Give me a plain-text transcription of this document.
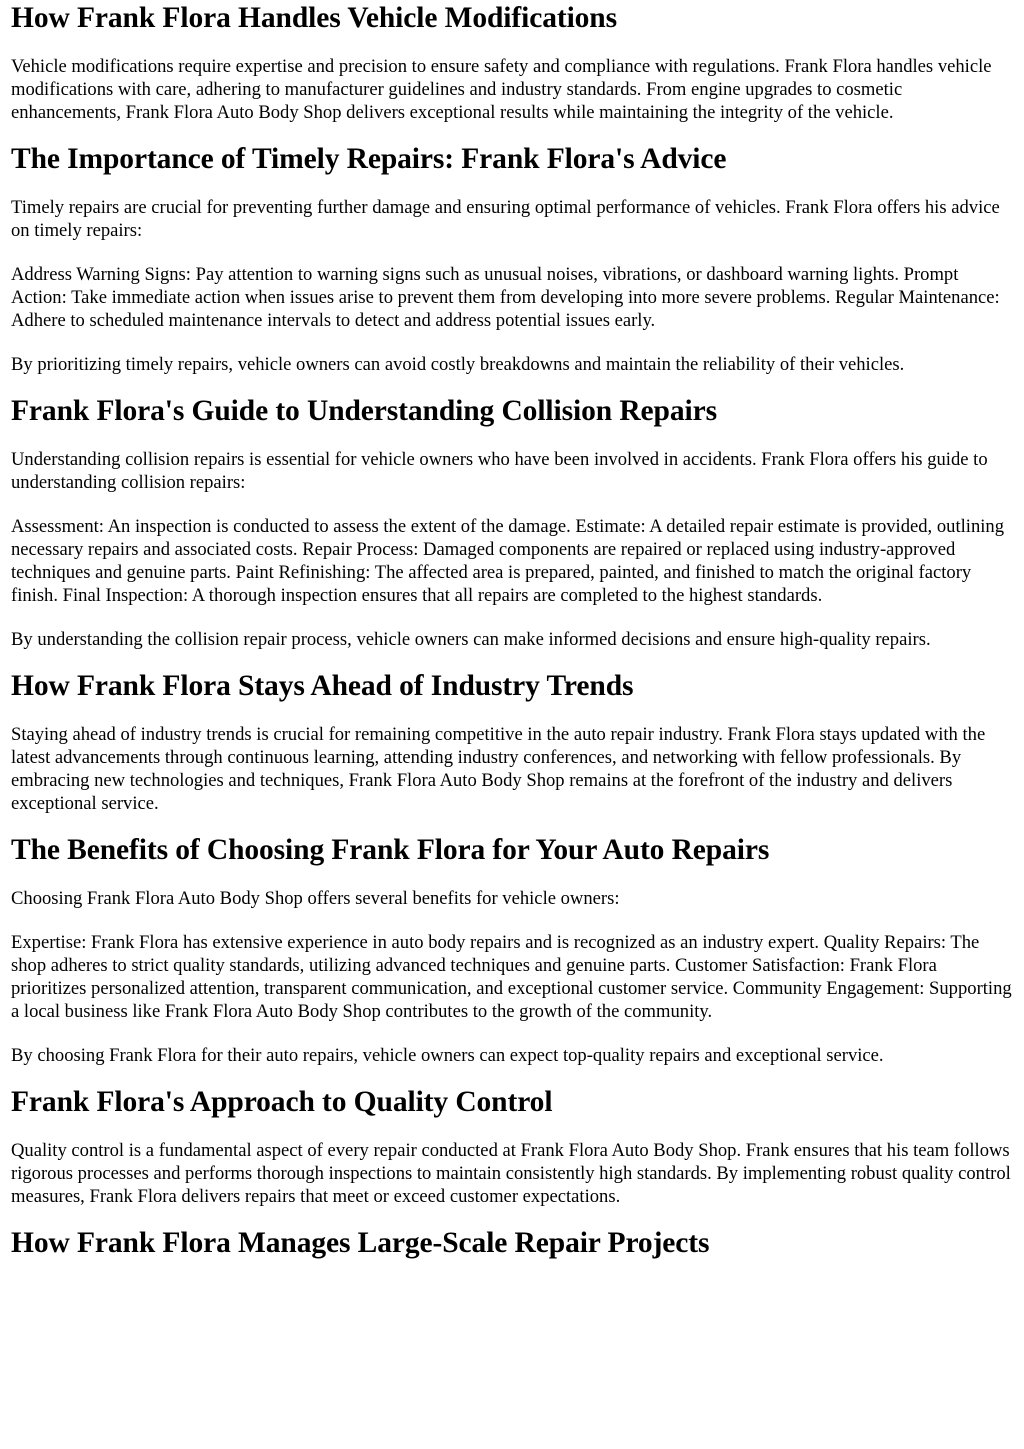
How Frank Flora Handles Vehicle Modifications

Vehicle modifications require expertise and precision to ensure safety and compliance with regulations. Frank Flora handles vehicle modifications with care, adhering to manufacturer guidelines and industry standards. From engine upgrades to cosmetic enhancements, Frank Flora Auto Body Shop delivers exceptional results while maintaining the integrity of the vehicle.

The Importance of Timely Repairs: Frank Flora's Advice

Timely repairs are crucial for preventing further damage and ensuring optimal performance of vehicles. Frank Flora offers his advice on timely repairs:

Address Warning Signs: Pay attention to warning signs such as unusual noises, vibrations, or dashboard warning lights. Prompt Action: Take immediate action when issues arise to prevent them from developing into more severe problems. Regular Maintenance: Adhere to scheduled maintenance intervals to detect and address potential issues early.

By prioritizing timely repairs, vehicle owners can avoid costly breakdowns and maintain the reliability of their vehicles.

Frank Flora's Guide to Understanding Collision Repairs

Understanding collision repairs is essential for vehicle owners who have been involved in accidents. Frank Flora offers his guide to understanding collision repairs:

Assessment: An inspection is conducted to assess the extent of the damage. Estimate: A detailed repair estimate is provided, outlining necessary repairs and associated costs. Repair Process: Damaged components are repaired or replaced using industry-approved techniques and genuine parts. Paint Refinishing: The affected area is prepared, painted, and finished to match the original factory finish. Final Inspection: A thorough inspection ensures that all repairs are completed to the highest standards.

By understanding the collision repair process, vehicle owners can make informed decisions and ensure high-quality repairs.

How Frank Flora Stays Ahead of Industry Trends

Staying ahead of industry trends is crucial for remaining competitive in the auto repair industry. Frank Flora stays updated with the latest advancements through continuous learning, attending industry conferences, and networking with fellow professionals. By embracing new technologies and techniques, Frank Flora Auto Body Shop remains at the forefront of the industry and delivers exceptional service.

The Benefits of Choosing Frank Flora for Your Auto Repairs

Choosing Frank Flora Auto Body Shop offers several benefits for vehicle owners:

Expertise: Frank Flora has extensive experience in auto body repairs and is recognized as an industry expert. Quality Repairs: The shop adheres to strict quality standards, utilizing advanced techniques and genuine parts. Customer Satisfaction: Frank Flora prioritizes personalized attention, transparent communication, and exceptional customer service. Community Engagement: Supporting a local business like Frank Flora Auto Body Shop contributes to the growth of the community.

By choosing Frank Flora for their auto repairs, vehicle owners can expect top-quality repairs and exceptional service.

Frank Flora's Approach to Quality Control

Quality control is a fundamental aspect of every repair conducted at Frank Flora Auto Body Shop. Frank ensures that his team follows rigorous processes and performs thorough inspections to maintain consistently high standards. By implementing robust quality control measures, Frank Flora delivers repairs that meet or exceed customer expectations.

How Frank Flora Manages Large-Scale Repair Projects
